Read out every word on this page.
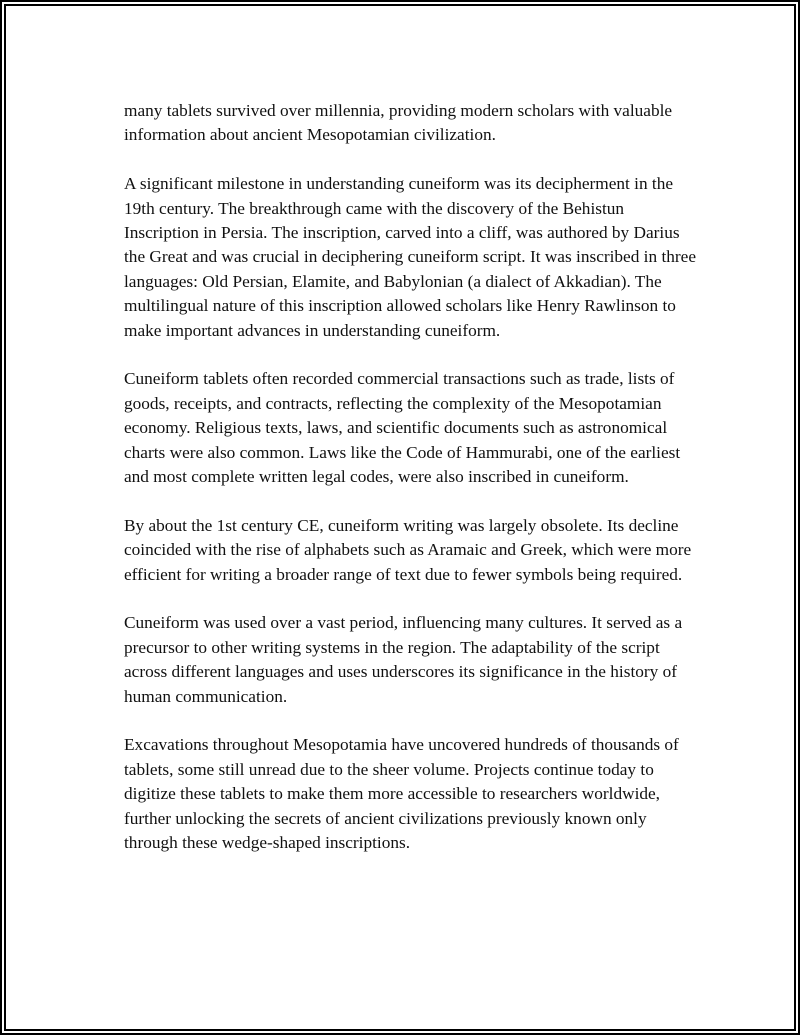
many tablets survived over millennia, providing modern scholars with valuable information about ancient Mesopotamian civilization.

A significant milestone in understanding cuneiform was its decipherment in the 19th century. The breakthrough came with the discovery of the Behistun Inscription in Persia. The inscription, carved into a cliff, was authored by Darius the Great and was crucial in deciphering cuneiform script. It was inscribed in three languages: Old Persian, Elamite, and Babylonian (a dialect of Akkadian). The multilingual nature of this inscription allowed scholars like Henry Rawlinson to make important advances in understanding cuneiform.

Cuneiform tablets often recorded commercial transactions such as trade, lists of goods, receipts, and contracts, reflecting the complexity of the Mesopotamian economy. Religious texts, laws, and scientific documents such as astronomical charts were also common. Laws like the Code of Hammurabi, one of the earliest and most complete written legal codes, were also inscribed in cuneiform.

By about the 1st century CE, cuneiform writing was largely obsolete. Its decline coincided with the rise of alphabets such as Aramaic and Greek, which were more efficient for writing a broader range of text due to fewer symbols being required.

Cuneiform was used over a vast period, influencing many cultures. It served as a precursor to other writing systems in the region. The adaptability of the script across different languages and uses underscores its significance in the history of human communication.

Excavations throughout Mesopotamia have uncovered hundreds of thousands of tablets, some still unread due to the sheer volume. Projects continue today to digitize these tablets to make them more accessible to researchers worldwide, further unlocking the secrets of ancient civilizations previously known only through these wedge-shaped inscriptions.
